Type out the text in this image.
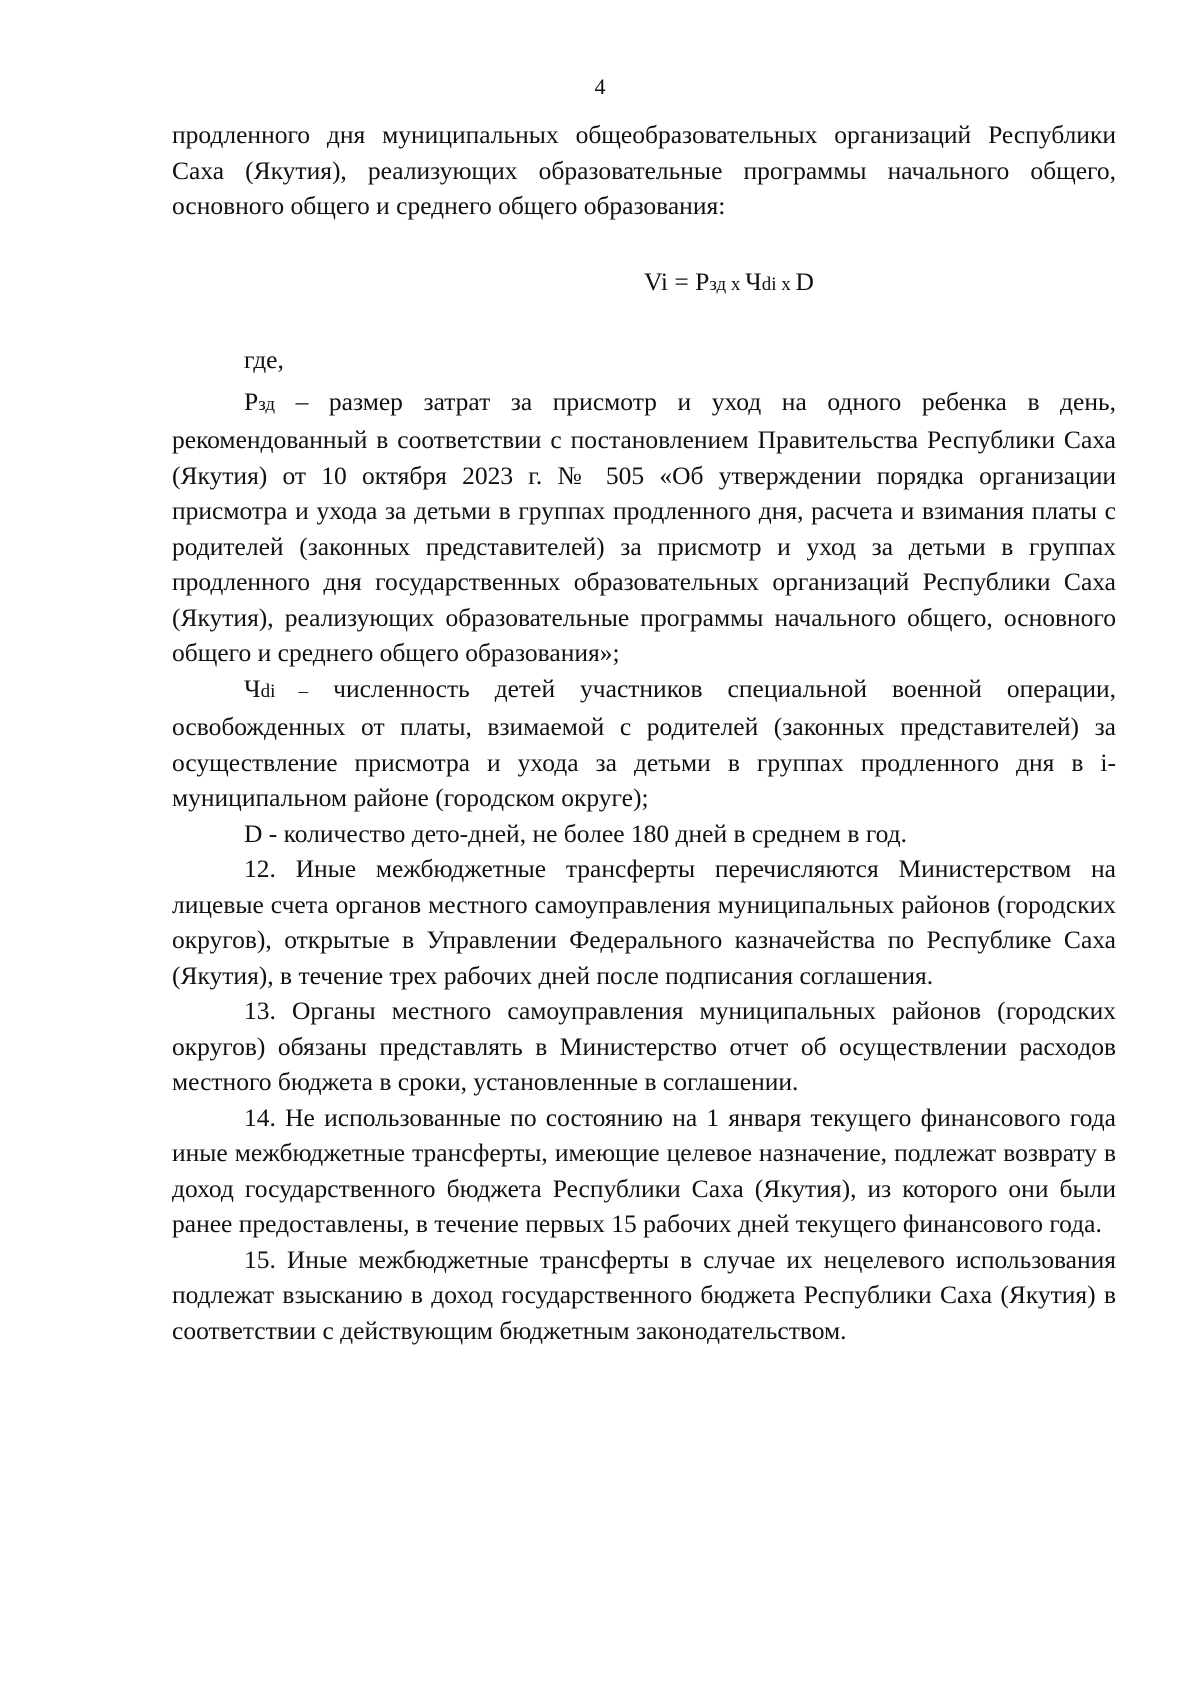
4

продленного дня муниципальных общеобразовательных организаций Республики Саха (Якутия), реализующих образовательные программы начального общего, основного общего и среднего общего образования:

Vi = Pзд x Чdi x D

где,

Pзд – размер затрат за присмотр и уход на одного ребенка в день, рекомендованный в соответствии с постановлением Правительства Республики Саха (Якутия) от 10 октября 2023 г. № 505 «Об утверждении порядка организации присмотра и ухода за детьми в группах продленного дня, расчета и взимания платы с родителей (законных представителей) за присмотр и уход за детьми в группах продленного дня государственных образовательных организаций Республики Саха (Якутия), реализующих образовательные программы начального общего, основного общего и среднего общего образования»;

Чdi – численность детей участников специальной военной операции, освобожденных от платы, взимаемой с родителей (законных представителей) за осуществление присмотра и ухода за детьми в группах продленного дня в i-муниципальном районе (городском округе);

D - количество дето-дней, не более 180 дней в среднем в год.

12. Иные межбюджетные трансферты перечисляются Министерством на лицевые счета органов местного самоуправления муниципальных районов (городских округов), открытые в Управлении Федерального казначейства по Республике Саха (Якутия), в течение трех рабочих дней после подписания соглашения.

13. Органы местного самоуправления муниципальных районов (городских округов) обязаны представлять в Министерство отчет об осуществлении расходов местного бюджета в сроки, установленные в соглашении.

14. Не использованные по состоянию на 1 января текущего финансового года иные межбюджетные трансферты, имеющие целевое назначение, подлежат возврату в доход государственного бюджета Республики Саха (Якутия), из которого они были ранее предоставлены, в течение первых 15 рабочих дней текущего финансового года.

15. Иные межбюджетные трансферты в случае их нецелевого использования подлежат взысканию в доход государственного бюджета Республики Саха (Якутия) в соответствии с действующим бюджетным законодательством.
